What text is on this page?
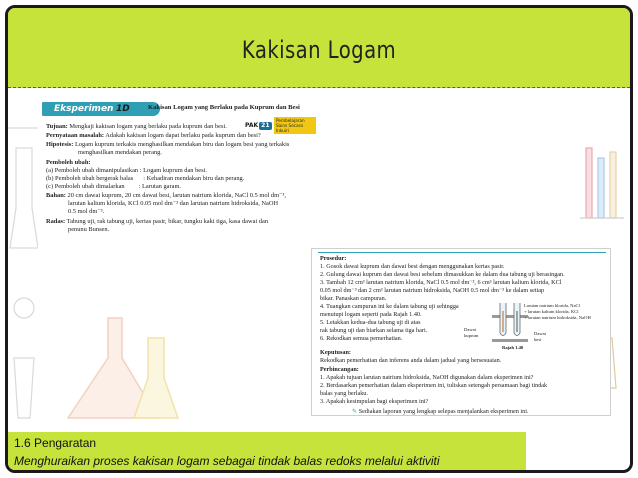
Kakisan Logam
Eksperimen 1D	Kakisan Logam yang Berlaku pada Kuprum dan Besi
PAK 21
Pembelajaran Sains Secara Inkuiri
Tujuan: Mengkaji kakisan logam yang berlaku pada kuprum dan besi.
Pernyataan masalah: Adakah kakisan logam dapat berlaku pada kuprum dan besi?
Hipotesis: Logam kuprum terkakis menghasilkan mendakan biru dan logam besi yang terkakis
menghasilkan mendakan perang.
Pemboleh ubah:
(a) Pemboleh ubah dimanipulasikan : Logam kuprum dan besi.
(b) Pemboleh ubah bergerak balas : Kehadiran mendakan biru dan perang.
(c) Pemboleh ubah dimalarkan : Larutan garam.
Bahan: 20 cm dawai kuprum, 20 cm dawai besi, larutan natrium klorida, NaCl 0.5 mol dm⁻³,
larutan kalium klorida, KCl 0.05 mol dm⁻³ dan larutan natrium hidroksida, NaOH
0.5 mol dm⁻³.
Radas: Tabung uji, rak tabung uji, kertas pasir, bikar, tungku kaki tiga, kasa dawai dan
penunu Bunsen.
Prosedur:
1. Gosok dawai kuprum dan dawai besi dengan menggunakan kertas pasir.
2. Gulung dawai kuprum dan dawai besi sebelum dimasukkan ke dalam dua tabung uji berasingan.
3. Tambah 12 cm³ larutan natrium klorida, NaCl 0.5 mol dm⁻³, 6 cm³ larutan kalium klorida, KCl
0.05 mol dm⁻³ dan 2 cm³ larutan natrium hidroksida, NaOH 0.5 mol dm⁻³ ke dalam setiap
bikar. Panaskan campuran.
4. Tuangkan campuran ini ke dalam tabung uji sehingga
menutupi logam seperti pada Rajah 1.40.
5. Letakkan kedua-dua tabung uji di atas
rak tabung uji dan biarkan selama tiga hari.
6. Rekodkan semua pemerhatian.
Larutan natrium klorida, NaCl
+ larutan kalium klorida, KCl
+ larutan natrium hidroksida, NaOH
Dawai
kuprum	Dawai
besi
Rajah 1.40
Keputusan:
Rekodkan pemerhatian dan inferens anda dalam jadual yang bersesuaian.
Perbincangan:
1. Apakah tujuan larutan natrium hidroksida, NaOH digunakan dalam eksperimen ini?
2. Berdasarkan pemerhatian dalam eksperimen ini, tuliskan setengah persamaan bagi tindak
balas yang berlaku.
3. Apakah kesimpulan bagi eksperimen ini?
✎ Sediakan laporan yang lengkap selepas menjalankan eksperimen ini.
1.6 Pengaratan
Menghuraikan proses kakisan logam sebagai tindak balas redoks melalui aktiviti
